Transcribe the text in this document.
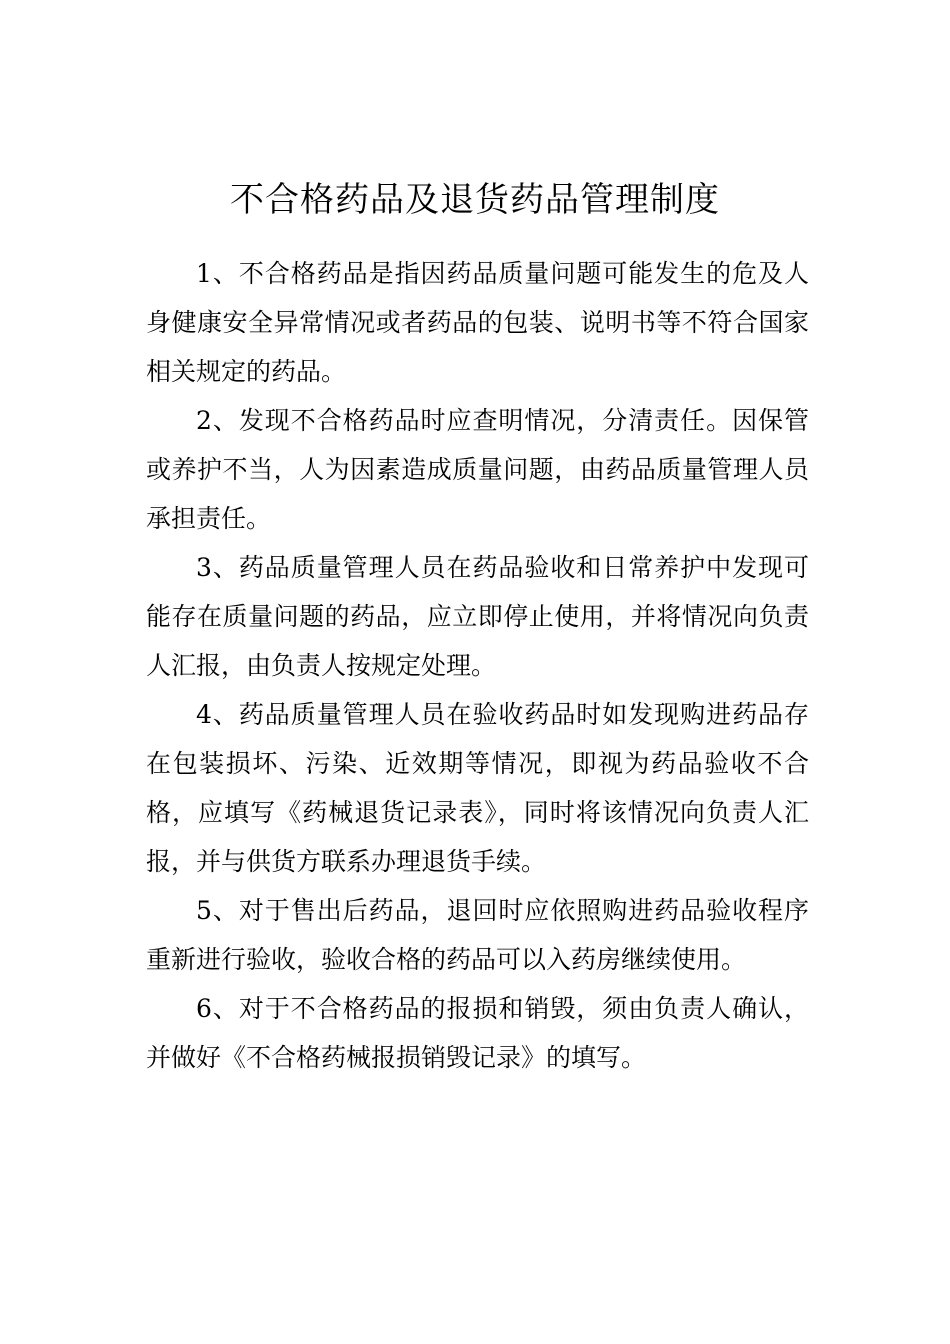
不合格药品及退货药品管理制度

1、不合格药品是指因药品质量问题可能发生的危及人身健康安全异常情况或者药品的包装、说明书等不符合国家相关规定的药品。

2、发现不合格药品时应查明情况，分清责任。因保管或养护不当，人为因素造成质量问题，由药品质量管理人员承担责任。

3、药品质量管理人员在药品验收和日常养护中发现可能存在质量问题的药品，应立即停止使用，并将情况向负责人汇报，由负责人按规定处理。

4、药品质量管理人员在验收药品时如发现购进药品存在包装损坏、污染、近效期等情况，即视为药品验收不合格，应填写《药械退货记录表》，同时将该情况向负责人汇报，并与供货方联系办理退货手续。

5、对于售出后药品，退回时应依照购进药品验收程序重新进行验收，验收合格的药品可以入药房继续使用。

6、对于不合格药品的报损和销毁，须由负责人确认，并做好《不合格药械报损销毁记录》的填写。
